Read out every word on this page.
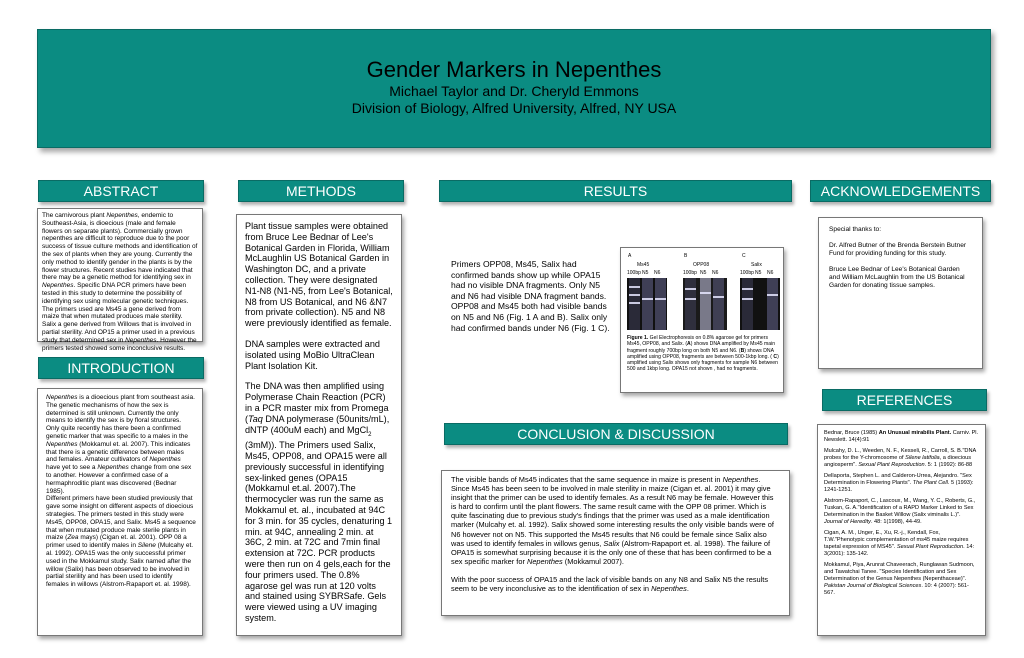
Gender Markers in Nepenthes
Michael Taylor and Dr. Cheryld Emmons
Division of Biology, Alfred University, Alfred, NY USA
ABSTRACT

The carnivorous plant Nepenthes, endemic to Southeast-Asia, is dioecious (male and female flowers on separate plants). Commercially grown nepenthes are difficult to reproduce due to the poor success of tissue culture methods and identification of the sex of plants when they are young. Currently the only method to identify gender in the plants is by the flower structures. Recent studies have indicated that there may be a genetic method for identifying sex in Nepenthes. Specific DNA PCR primers have been tested in this study to determine the possibility of identifying sex using molecular genetic techniques. The primers used are Ms45 a gene derived from maize that when mutated produces male sterility. Salix a gene derived from Willows that is involved in partial sterility. And OP15 a primer used in a previous study that determined sex in Nepenthes. However the primers tested showed some inconclusive results.

INTRODUCTION

Nepenthes is a dioecious plant from southeast asia. The genetic mechanisms of how the sex is determined is still unknown. Currently the only means to identify the sex is by floral structures. Only quite recently has there been a confirmed genetic marker that was specific to a males in the Nepenthes (Mokkamul et. al. 2007). This indicates that there is a genetic difference between males and females. Amateur cultivators of Nepenthes have yet to see a Nepenthes change from one sex to another. However a confirmed case of a hermaphroditic plant was discovered (Bednar 1985).

Different primers have been studied previously that gave some insight on different aspects of dioecious strategies. The primers tested in this study were Ms45, OPP08, OPA15, and Salix. Ms45 a sequence that when mutated produce male sterile plants in maize (Zea mays) (Cigan et. al. 2001). OPP 08 a primer used to identify males in Silene (Mulcahy et. al. 1992). OPA15 was the only successful primer used in the Mokkamul study. Salix named after the willow (Salix) has been observed to be involved in partial sterility and has been used to identify females in willows (Alstrom-Rapaport et. al. 1998).

METHODS

Plant tissue samples were obtained from Bruce Lee Bednar of Lee's Botanical Garden in Florida, William McLaughlin US Botanical Garden in Washington DC, and a private collection. They were designated N1-N8 (N1-N5, from Lee's Botanical, N8 from US Botanical, and N6 &N7 from private collection). N5 and N8 were previously identified as female.

DNA samples were extracted and isolated using MoBio UltraClean Plant Isolation Kit.

The DNA was then amplified using Polymerase Chain Reaction (PCR) in a PCR master mix from Promega (Taq DNA polymerase (50units/mL), dNTP (400uM each) and MgCl$_2$ (3mM)). The Primers used Salix, Ms45, OPP08, and OPA15 were all previously successful in identifying sex-linked genes (OPA15 (Mokkamul et.al. 2007).The thermocycler was run the same as Mokkamul et. al., incubated at 94C for 3 min. for 35 cycles, denaturing 1 min. at 94C, annealing 2 min. at 36C, 2 min. at 72C and 7min final extension at 72C. PCR products were then run on 4 gels,each for the four primers used. The 0.8% agarose gel was run at 120 volts and stained using SYBRSafe. Gels were viewed using a UV imaging system.

RESULTS
Primers OPP08, Ms45, Salix had confirmed bands show up while OPA15 had no visible DNA fragments. Only N5 and N6 had visible DNA fragment bands. OPP08 and Ms45 both had visible bands on N5 and N6 (Fig. 1 A and B). Salix only had confirmed bands under N6 (Fig. 1 C).
A
Ms45
100bp N5 N6
B
OPP08
100bp N5 N6
C
Salix
100bp N5 N6
Figure 1. Gel Electrophoresis on 0.8% agarose gel for primers Ms45, OPP08, and Salix. (A) shows DNA amplified by Ms45 main fragment roughly 700bp long on both N5 and N6. (B) shows DNA amplified using OPP08, fragments are between 500-1kbp long. ( C) amplified using Salix shows only fragments for sample N6 between 500 and 1kbp long. OPA15 not shown , had no fragments.
CONCLUSION & DISCUSSION

The visible bands of Ms45 indicates that the same sequence in maize is present in Nepenthes. Since Ms45 has been seen to be involved in male sterility in maize (Cigan et. al. 2001) it may give insight that the primer can be used to identify females. As a result N6 may be female. However this is hard to confirm until the plant flowers. The same result came with the OPP 08 primer. Which is quite fascinating due to previous study's findings that the primer was used as a male identification marker (Mulcahy et. al. 1992). Salix showed some interesting results the only visible bands were of N6 however not on N5. This supported the Ms45 results that N6 could be female since Salix also was used to identify females in willows genus, Salix (Alstrom-Rapaport et. al. 1998). The failure of OPA15 is somewhat surprising because it is the only one of these that has been confirmed to be a sex specific marker for Nepenthes (Mokkamul 2007).

With the poor success of OPA15 and the lack of visible bands on any N8 and Salix N5 the results seem to be very inconclusive as to the identification of sex in Nepenthes.

ACKNOWLEDGEMENTS

Special thanks to:

Dr. Alfred Butner of the Brenda Berstein Butner Fund for providing funding for this study.

Bruce Lee Bednar of Lee's Botanical Garden and William McLaughlin from the US Botanical Garden for donating tissue samples.

REFERENCES

Bednar, Bruce (1985) An Unusual mirabilis Plant. Carniv. Pl. Newslett. 14(4):91

Mulcahy, D. L., Weeden, N. F., Kesseli, R., Carroll, S. B."DNA probes for the Y-chromosome of Silene latifolia, a dioecious angiosperm". Sexual Plant Reproduction. 5: 1 (1992): 86-88

Dellaporta, Stephen L. and Calderon-Urrea, Alejandro. "Sex Determination in Flowering Plants". The Plant Cell. 5 (1993): 1241-1251.

Alstrom-Rapaport, C., Lascoux, M., Wang, Y. C., Roberts, G., Tuskan, G. A."Identification of a RAPD Marker Linked to Sex Determination in the Basket Willow (Salix viminalis L.)". Journal of Heredity. 48: 1(1998), 44-49.

Cigan, A. M., Unger, E., Xu, R.-j., Kendall, Fox, T.W."Phenotypic complementation of ms45 maize requires tapetal expression of MS45". Sexual Plant Reproduction. 14: 3(2001): 135-142.

Mokkamul, Piya, Arunrat Chaveerach, Runglawan Sudmoon, and Tawatchai Tanee. "Species Identification and Sex Determination of the Genus Nepenthes (Nepenthaceae)". Pakistan Journal of Biological Sciences. 10: 4 (2007): 561-567.
